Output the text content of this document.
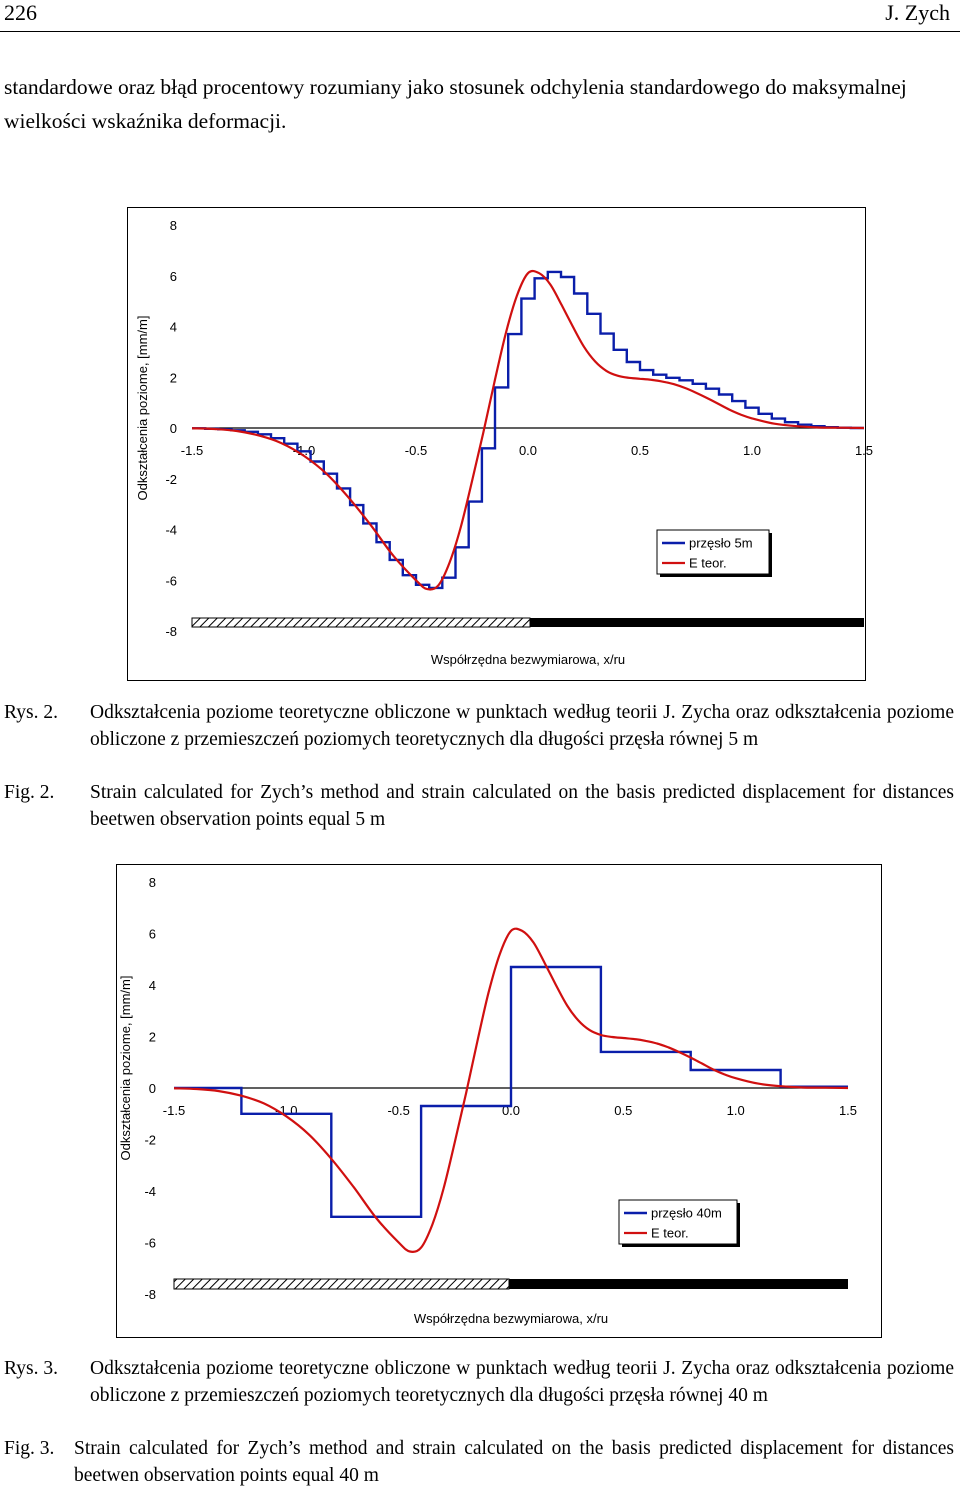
226	J. Zych
standardowe oraz błąd procentowy rozumiany jako stosunek odchylenia standardowego do maksymalnej wielkości wskaźnika deformacji.
8
6
4
2
0
-2
-4
-6
-8
-1.5	-1.0	-0.5	0.0	0.5	1.0	1.5
Odkształcenia poziome, [mm/m]
Współrzędna bezwymiarowa, x/ru
przęsło 5m
E teor.
Rys. 2. Odkształcenia poziome teoretyczne obliczone w punktach według teorii J. Zycha oraz odkształcenia poziome obliczone z przemieszczeń poziomych teoretycznych dla długości przęsła równej 5 m
Fig. 2. Strain calculated for Zych’s method and strain calculated on the basis predicted displacement for distances beetwen observation points equal 5 m
8
6
4
2
0
-2
-4
-6
-8
-1.5	-1.0	-0.5	0.0	0.5	1.0	1.5
Odkształcenia poziome, [mm/m]
Współrzędna bezwymiarowa, x/ru
przęsło 40m
E teor.
Rys. 3. Odkształcenia poziome teoretyczne obliczone w punktach według teorii J. Zycha oraz odkształcenia poziome obliczone z przemieszczeń poziomych teoretycznych dla długości przęsła równej 40 m
Fig. 3. Strain calculated for Zych’s method and strain calculated on the basis predicted displacement for distances beetwen observation points equal 40 m
